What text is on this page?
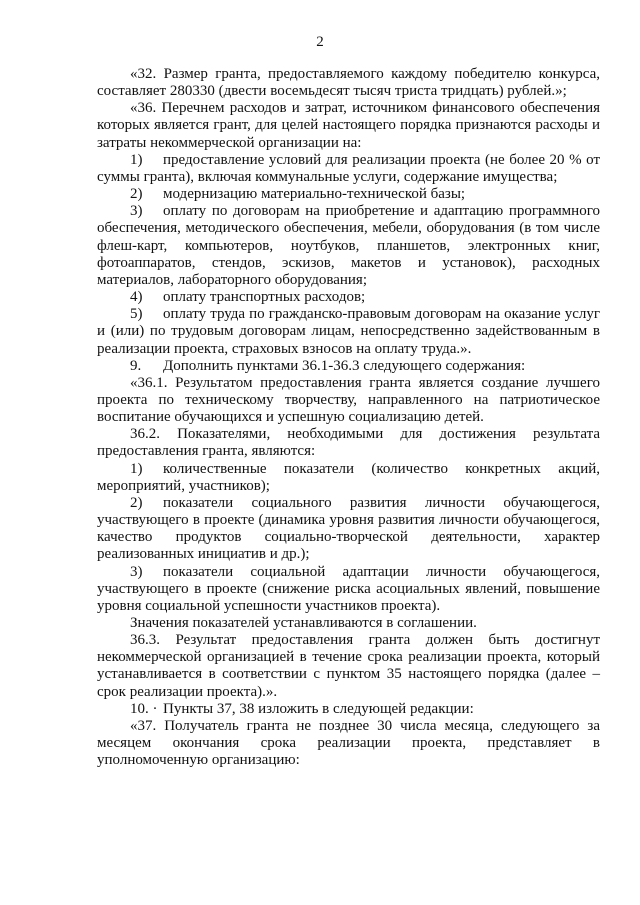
2

«32. Размер гранта, предоставляемого каждому победителю конкурса, составляет 280330 (двести восемьдесят тысяч триста тридцать) рублей.»;

«36. Перечнем расходов и затрат, источником финансового обеспечения которых является грант, для целей настоящего порядка признаются расходы и затраты некоммерческой организации на:

1) предоставление условий для реализации проекта (не более 20 % от суммы гранта), включая коммунальные услуги, содержание имущества;

2) модернизацию материально-технической базы;

3) оплату по договорам на приобретение и адаптацию программного обеспечения, методического обеспечения, мебели, оборудования (в том числе флеш-карт, компьютеров, ноутбуков, планшетов, электронных книг, фотоаппаратов, стендов, эскизов, макетов и установок), расходных материалов, лабораторного оборудования;

4) оплату транспортных расходов;

5) оплату труда по гражданско-правовым договорам на оказание услуг и (или) по трудовым договорам лицам, непосредственно задействованным в реализации проекта, страховых взносов на оплату труда.».

9. Дополнить пунктами 36.1-36.3 следующего содержания:

«36.1. Результатом предоставления гранта является создание лучшего проекта по техническому творчеству, направленного на патриотическое воспитание обучающихся и успешную социализацию детей.

36.2. Показателями, необходимыми для достижения результата предоставления гранта, являются:

1) количественные показатели (количество конкретных акций, мероприятий, участников);

2) показатели социального развития личности обучающегося, участвующего в проекте (динамика уровня развития личности обучающегося, качество продуктов социально-творческой деятельности, характер реализованных инициатив и др.);

3) показатели социальной адаптации личности обучающегося, участвующего в проекте (снижение риска асоциальных явлений, повышение уровня социальной успешности участников проекта).

Значения показателей устанавливаются в соглашении.

36.3. Результат предоставления гранта должен быть достигнут некоммерческой организацией в течение срока реализации проекта, который устанавливается в соответствии с пунктом 35 настоящего порядка (далее – срок реализации проекта).».

10. · Пункты 37, 38 изложить в следующей редакции:

«37. Получатель гранта не позднее 30 числа месяца, следующего за месяцем окончания срока реализации проекта, представляет в уполномоченную организацию:
